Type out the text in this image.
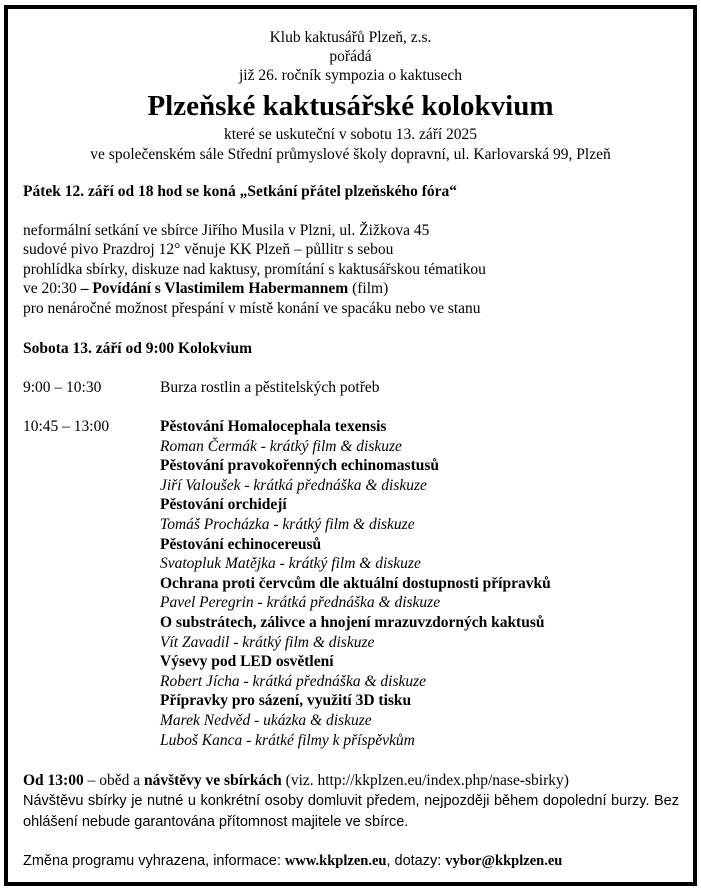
Klub kaktusářů Plzeň, z.s.
pořádá
již 26. ročník sympozia o kaktusech
Plzeňské kaktusářské kolokvium
které se uskuteční v sobotu 13. září 2025
ve společenském sále Střední průmyslové školy dopravní, ul. Karlovarská 99, Plzeň
Pátek 12. září od 18 hod se koná „Setkání přátel plzeňského fóra“
neformální setkání ve sbírce Jiřího Musila v Plzni, ul. Žižkova 45
sudové pivo Prazdroj 12° věnuje KK Plzeň – půllitr s sebou
prohlídka sbírky, diskuze nad kaktusy, promítání s kaktusářskou tématikou
ve 20:30 – Povídání s Vlastimilem Habermannem (film)
pro nenáročné možnost přespání v místě konání ve spacáku nebo ve stanu
Sobota 13. září od 9:00 Kolokvium
9:00 – 10:30	Burza rostlin a pěstitelských potřeb
10:45 – 13:00	Pěstování Homalocephala texensis
Roman Čermák - krátký film & diskuze
Pěstování pravokořenných echinomastusů
Jiří Valoušek - krátká přednáška & diskuze
Pěstování orchidejí
Tomáš Procházka - krátký film & diskuze
Pěstování echinocereusů
Svatopluk Matějka - krátký film & diskuze
Ochrana proti červcům dle aktuální dostupnosti přípravků
Pavel Peregrin - krátká přednáška & diskuze
O substrátech, zálivce a hnojení mrazuvzdorných kaktusů
Vít Zavadil - krátký film & diskuze
Výsevy pod LED osvětlení
Robert Jícha - krátká přednáška & diskuze
Přípravky pro sázení, využití 3D tisku
Marek Nedvěd - ukázka & diskuze
Luboš Kanca - krátké filmy k příspěvkům
Od 13:00 – oběd a návštěvy ve sbírkách (viz. http://kkplzen.eu/index.php/nase-sbirky)
Návštěvu sbírky je nutné u konkrétní osoby domluvit předem, nejpozději během dopolední burzy. Bez ohlášení nebude garantována přítomnost majitele ve sbírce.
Změna programu vyhrazena, informace: www.kkplzen.eu, dotazy: vybor@kkplzen.eu
